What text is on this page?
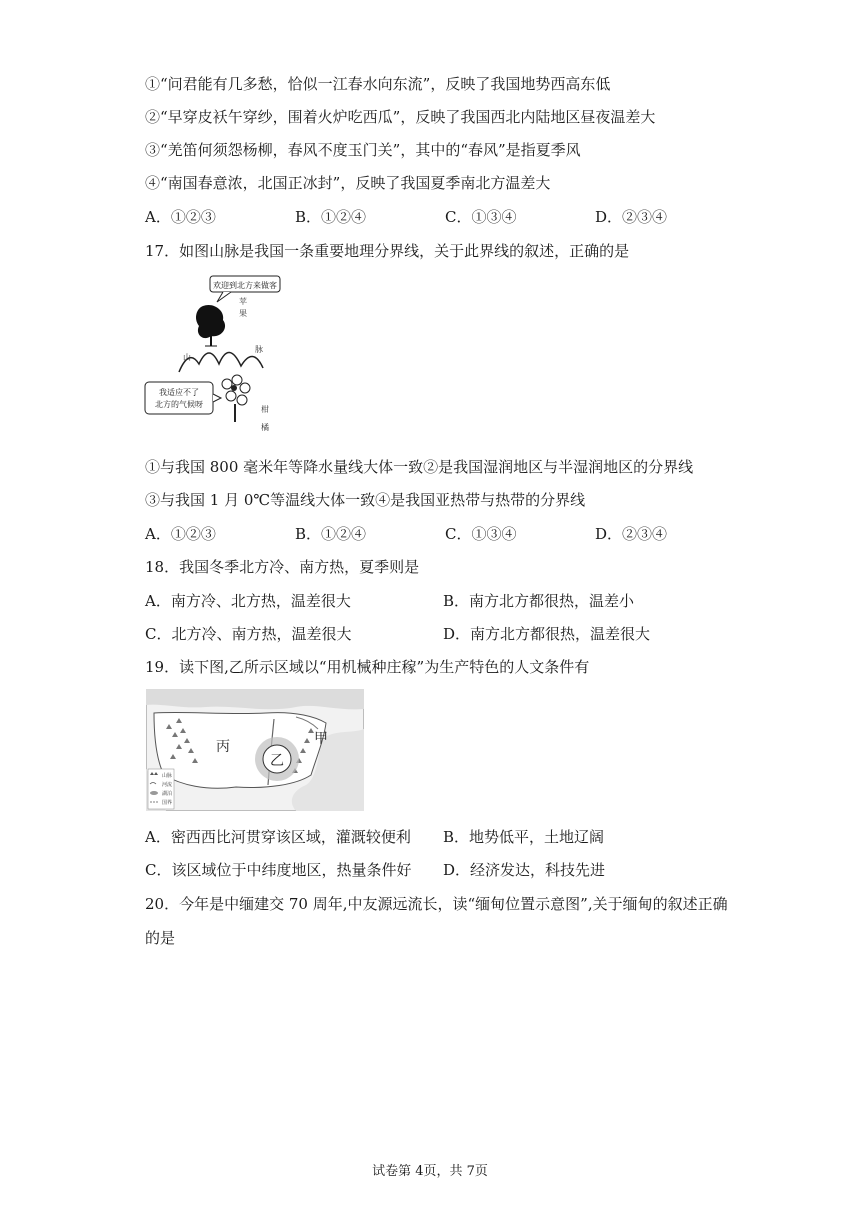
①“问君能有几多愁，恰似一江春水向东流”，反映了我国地势西高东低
②“早穿皮袄午穿纱，围着火炉吃西瓜”，反映了我国西北内陆地区昼夜温差大
③“羌笛何须怨杨柳，春风不度玉门关”，其中的“春风”是指夏季风
④“南国春意浓，北国正冰封”，反映了我国夏季南北方温差大
A．①②③	B．①②④	C．①③④	D．②③④
17．如图山脉是我国一条重要地理分界线，关于此界线的叙述，正确的是
欢迎到北方来做客
苹
果
山
脉
我适应不了
北方的气候呀
柑
橘
①与我国 800 毫米年等降水量线大体一致②是我国湿润地区与半湿润地区的分界线
③与我国 1 月 0℃等温线大体一致④是我国亚热带与热带的分界线
A．①②③	B．①②④	C．①③④	D．②③④
18．我国冬季北方冷、南方热，夏季则是
A．南方冷、北方热，温差很大	B．南方北方都很热，温差小
C．北方冷、南方热，温差很大	D．南方北方都很热，温差很大
19．读下图,乙所示区域以“用机械种庄稼”为生产特色的人文条件有
丙
乙
甲
山脉
河流
湖泊
国界
A．密西西比河贯穿该区域，灌溉较便利 B．地势低平，土地辽阔
C．该区域位于中纬度地区，热量条件好 D．经济发达，科技先进
20．今年是中缅建交 70 周年,中友源远流长，读“缅甸位置示意图”,关于缅甸的叙述正确
的是
试卷第 4页，共 7页
